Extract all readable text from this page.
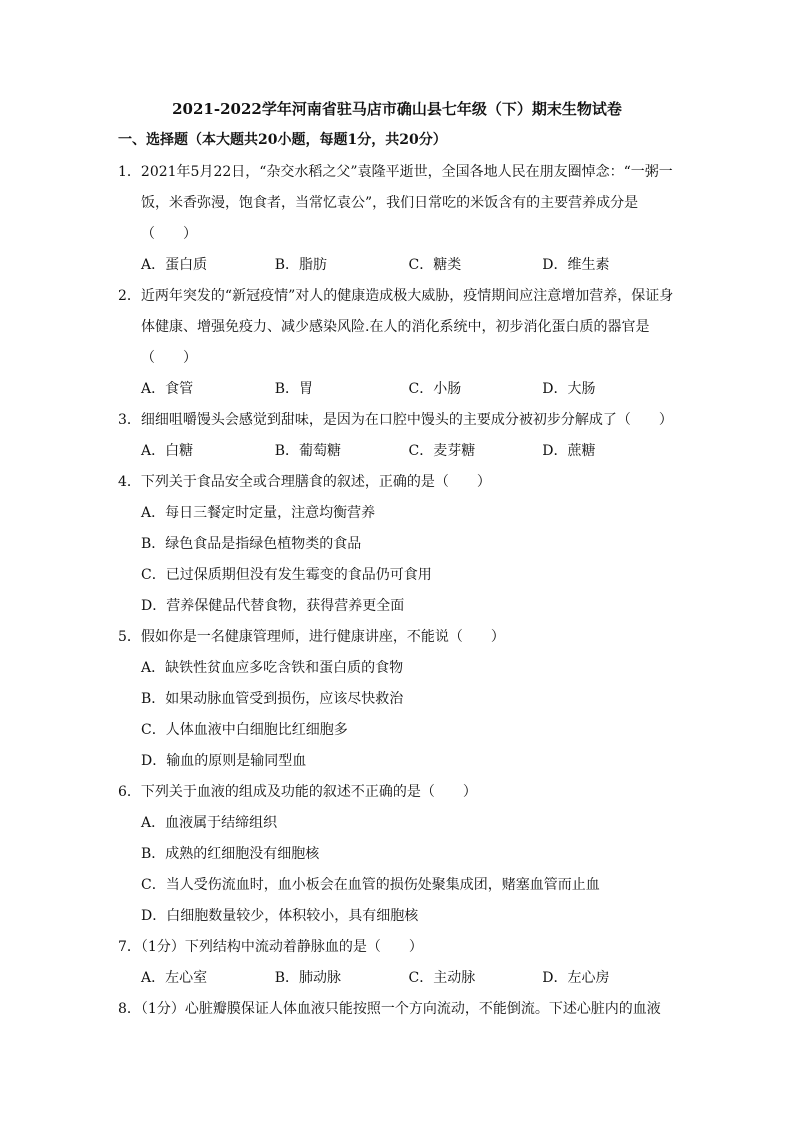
2021-2022学年河南省驻马店市确山县七年级（下）期末生物试卷
一、选择题（本大题共20小题，每题1分，共20分）
1．2021年5月22日，“杂交水稻之父”袁隆平逝世，全国各地人民在朋友圈悼念：“一粥一饭，米香弥漫，饱食者，当常忆袁公”，我们日常吃的米饭含有的主要营养成分是（　　）
A．蛋白质	B．脂肪	C．糖类	D．维生素
2．近两年突发的“新冠疫情”对人的健康造成极大威胁，疫情期间应注意增加营养，保证身体健康、增强免疫力、减少感染风险.在人的消化系统中，初步消化蛋白质的器官是（　　）
A．食管	B．胃	C．小肠	D．大肠
3．细细咀嚼馒头会感觉到甜味，是因为在口腔中馒头的主要成分被初步分解成了（　　）
A．白糖	B．葡萄糖	C．麦芽糖	D．蔗糖
4．下列关于食品安全或合理膳食的叙述，正确的是（　　）
A．每日三餐定时定量，注意均衡营养
B．绿色食品是指绿色植物类的食品
C．已过保质期但没有发生霉变的食品仍可食用
D．营养保健品代替食物，获得营养更全面
5．假如你是一名健康管理师，进行健康讲座，不能说（　　）
A．缺铁性贫血应多吃含铁和蛋白质的食物
B．如果动脉血管受到损伤，应该尽快救治
C．人体血液中白细胞比红细胞多
D．输血的原则是输同型血
6．下列关于血液的组成及功能的叙述不正确的是（　　）
A．血液属于结缔组织
B．成熟的红细胞没有细胞核
C．当人受伤流血时，血小板会在血管的损伤处聚集成团，赌塞血管而止血
D．白细胞数量较少，体积较小，具有细胞核
7．（1分）下列结构中流动着静脉血的是（　　）
A．左心室	B．肺动脉	C．主动脉	D．左心房
8．（1分）心脏瓣膜保证人体血液只能按照一个方向流动，不能倒流。下述心脏内的血液
